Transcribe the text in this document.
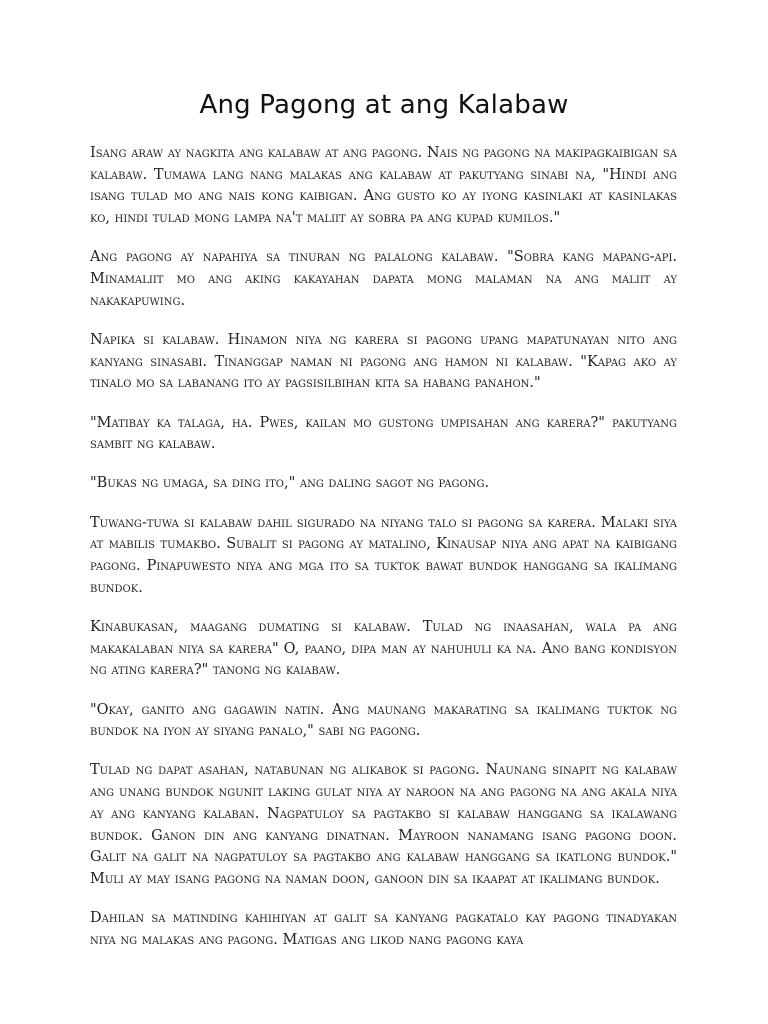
Ang Pagong at ang Kalabaw

Isang araw ay nagkita ang kalabaw at ang pagong. Nais ng pagong na makipagkaibigan sa kalabaw. Tumawa lang nang malakas ang kalabaw at pakutyang sinabi na, "Hindi ang isang tulad mo ang nais kong kaibigan. Ang gusto ko ay iyong kasinlaki at kasinlakas ko, hindi tulad mong lampa na't maliit ay sobra pa ang kupad kumilos."

Ang pagong ay napahiya sa tinuran ng palalong kalabaw. "Sobra kang mapang-api. Minamaliit mo ang aking kakayahan dapata mong malaman na ang maliit ay nakakapuwing.

Napika si kalabaw. Hinamon niya ng karera si pagong upang mapatunayan nito ang kanyang sinasabi. Tinanggap naman ni pagong ang hamon ni kalabaw. "Kapag ako ay tinalo mo sa labanang ito ay pagsisilbihan kita sa habang panahon."

"Matibay ka talaga, ha. Pwes, kailan mo gustong umpisahan ang karera?" pakutyang sambit ng kalabaw.

"Bukas ng umaga, sa ding ito," ang daling sagot ng pagong.

Tuwang-tuwa si kalabaw dahil sigurado na niyang talo si pagong sa karera. Malaki siya at mabilis tumakbo. Subalit si pagong ay matalino, Kinausap niya ang apat na kaibigang pagong. Pinapuwesto niya ang mga ito sa tuktok bawat bundok hanggang sa ikalimang bundok.

Kinabukasan, maagang dumating si kalabaw. Tulad ng inaasahan, wala pa ang makakalaban niya sa karera" O, paano, dipa man ay nahuhuli ka na. Ano bang kondisyon ng ating karera?" tanong ng kaiabaw.

"Okay, ganito ang gagawin natin. Ang maunang makarating sa ikalimang tuktok ng bundok na iyon ay siyang panalo," sabi ng pagong.

Tulad ng dapat asahan, natabunan ng alikabok si pagong. Naunang sinapit ng kalabaw ang unang bundok ngunit laking gulat niya ay naroon na ang pagong na ang akala niya ay ang kanyang kalaban. Nagpatuloy sa pagtakbo si kalabaw hanggang sa ikalawang bundok. Ganon din ang kanyang dinatnan. Mayroon nanamang isang pagong doon. Galit na galit na nagpatuloy sa pagtakbo ang kalabaw hanggang sa ikatlong bundok." Muli ay may isang pagong na naman doon, ganoon din sa ikaapat at ikalimang bundok.

Dahilan sa matinding kahihiyan at galit sa kanyang pagkatalo kay pagong tinadyakan niya ng malakas ang pagong. Matigas ang likod nang pagong kaya
